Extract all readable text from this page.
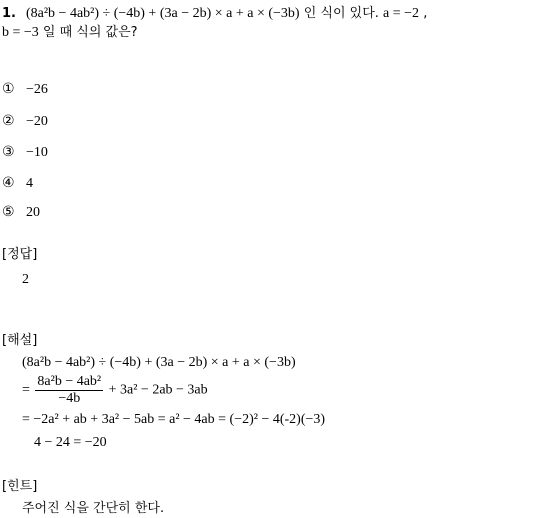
1. (8a²b − 4ab²) ÷ (−4b) + (3a − 2b) × a + a × (−3b) 인 식이 있다. a = −2 ,
b = −3 일 때 식의 값은?
① −26
② −20
③ −10
④ 4
⑤ 20
[정답]
2
[해설]
(8a²b − 4ab²) ÷ (−4b) + (3a − 2b) × a + a × (−3b)
= $\frac{\text{8a²b − 4ab²}}{-4b} + 3a^2 - 2ab - 3ab$
= −2a² + ab + 3a² − 5ab = a² − 4ab = (−2)² − 4(-2)(−3)
4 − 24 = −20
[힌트]
주어진 식을 간단히 한다.
